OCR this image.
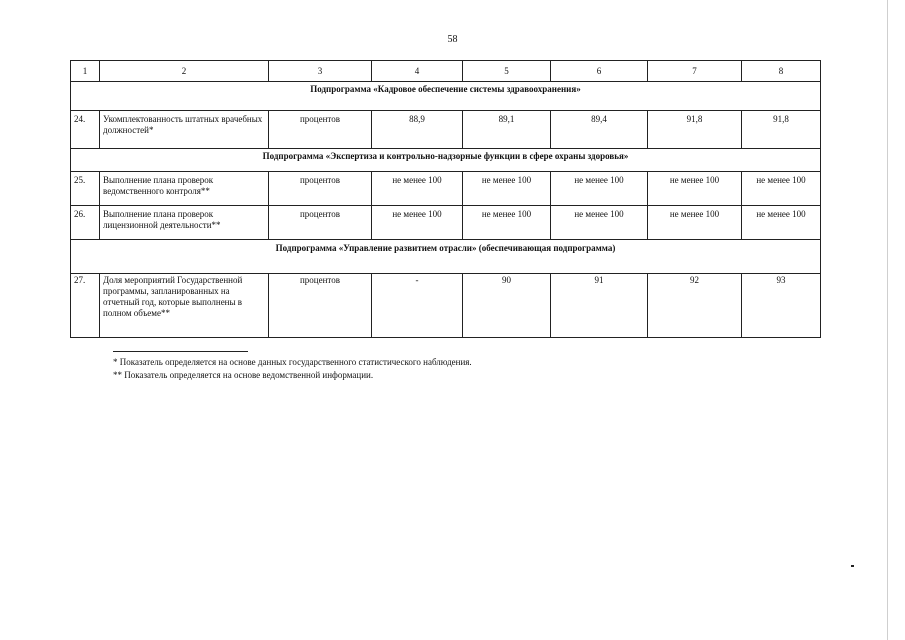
58
1	2	3	4	5	6	7	8
Подпрограмма «Кадровое обеспечение системы здравоохранения»							
24.	Укомплектованность штатных врачебных должностей*	процентов	88,9	89,1	89,4	91,8	91,8
Подпрограмма «Экспертиза и контрольно-надзорные функции в сфере охраны здоровья»							
25.	Выполнение плана проверок ведомственного контроля**	процентов	не менее 100	не менее 100	не менее 100	не менее 100	не менее 100
26.	Выполнение плана проверок лицензионной деятельности**	процентов	не менее 100	не менее 100	не менее 100	не менее 100	не менее 100
Подпрограмма «Управление развитием отрасли» (обеспечивающая подпрограмма)							
27.	Доля мероприятий Государственной программы, запланированных на отчетный год, которые выполнены в полном объеме**	процентов	-	90	91	92	93
* Показатель определяется на основе данных государственного статистического наблюдения.
** Показатель определяется на основе ведомственной информации.
